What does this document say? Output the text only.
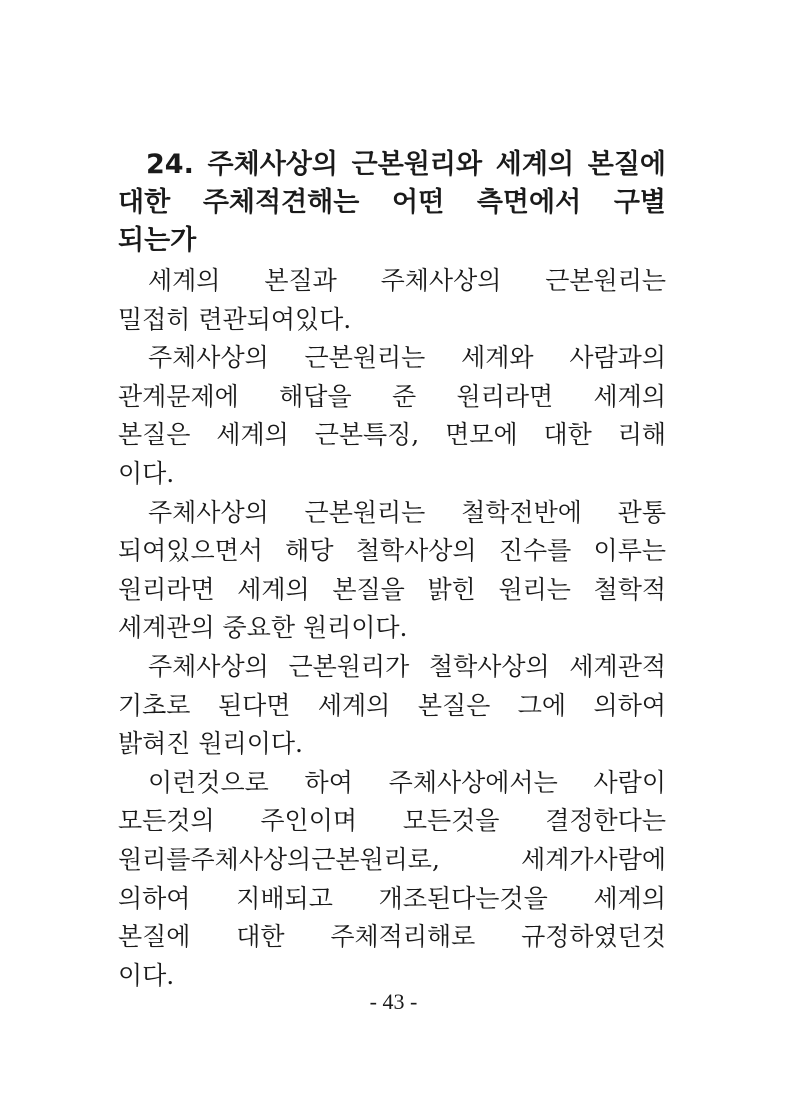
24. 주체사상의 근본원리와 세계의 본질에
대한 주체적견해는 어떤 측면에서 구별
되는가
세계의 본질과 주체사상의 근본원리는
밀접히 련관되여있다.
주체사상의 근본원리는 세계와 사람과의
관계문제에 해답을 준 원리라면 세계의
본질은 세계의 근본특징, 면모에 대한 리해
이다.
주체사상의 근본원리는 철학전반에 관통
되여있으면서 해당 철학사상의 진수를 이루는
원리라면 세계의 본질을 밝힌 원리는 철학적
세계관의 중요한 원리이다.
주체사상의 근본원리가 철학사상의 세계관적
기초로 된다면 세계의 본질은 그에 의하여
밝혀진 원리이다.
이런것으로 하여 주체사상에서는 사람이
모든것의 주인이며 모든것을 결정한다는
원리를주체사상의근본원리로, 세계가사람에
의하여 지배되고 개조된다는것을 세계의
본질에 대한 주체적리해로 규정하였던것
이다.
- 43 -
